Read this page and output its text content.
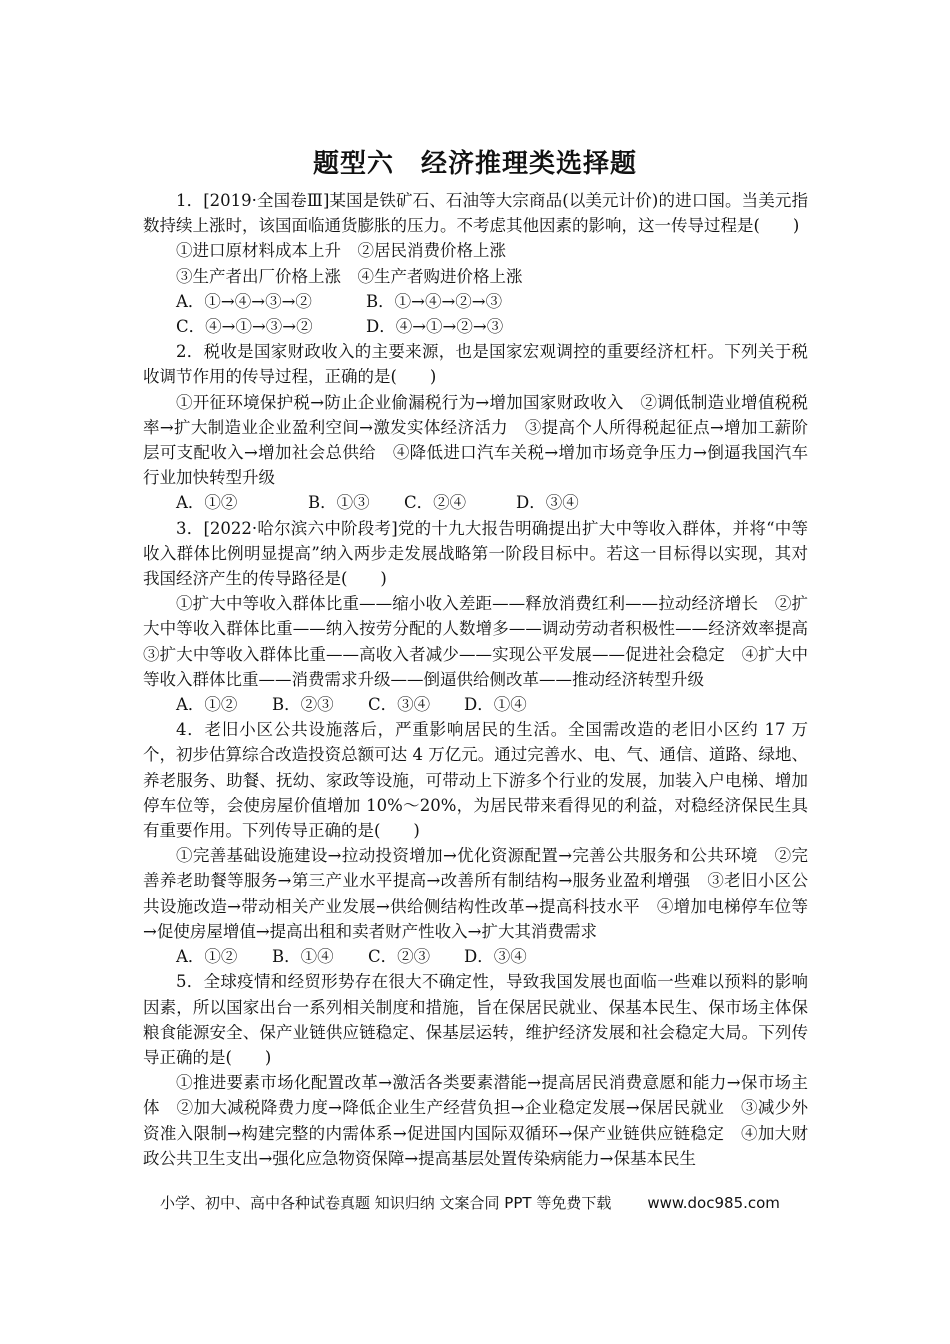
题型六　经济推理类选择题

1．[2019·全国卷Ⅲ]某国是铁矿石、石油等大宗商品(以美元计价)的进口国。当美元指数持续上涨时，该国面临通货膨胀的压力。不考虑其他因素的影响，这一传导过程是(　　)

①进口原材料成本上升　②居民消费价格上涨

③生产者出厂价格上涨　④生产者购进价格上涨

A．①→④→③→②	B．①→④→②→③

C．④→①→③→②	D．④→①→②→③

2．税收是国家财政收入的主要来源，也是国家宏观调控的重要经济杠杆。下列关于税收调节作用的传导过程，正确的是(　　)

①开征环境保护税→防止企业偷漏税行为→增加国家财政收入　②调低制造业增值税税率→扩大制造业企业盈利空间→激发实体经济活力　③提高个人所得税起征点→增加工薪阶层可支配收入→增加社会总供给　④降低进口汽车关税→增加市场竞争压力→倒逼我国汽车行业加快转型升级

A．①②	B．①③ C．②④	D．③④

3．[2022·哈尔滨六中阶段考]党的十九大报告明确提出扩大中等收入群体，并将“中等收入群体比例明显提高”纳入两步走发展战略第一阶段目标中。若这一目标得以实现，其对我国经济产生的传导路径是(　　)

①扩大中等收入群体比重——缩小收入差距——释放消费红利——拉动经济增长　②扩大中等收入群体比重——纳入按劳分配的人数增多——调动劳动者积极性——经济效率提高　③扩大中等收入群体比重——高收入者减少——实现公平发展——促进社会稳定　④扩大中等收入群体比重——消费需求升级——倒逼供给侧改革——推动经济转型升级

A．①② B．②③ C．③④ D．①④

4．老旧小区公共设施落后，严重影响居民的生活。全国需改造的老旧小区约 17 万个，初步估算综合改造投资总额可达 4 万亿元。通过完善水、电、气、通信、道路、绿地、养老服务、助餐、抚幼、家政等设施，可带动上下游多个行业的发展，加装入户电梯、增加停车位等，会使房屋价值增加 10%～20%，为居民带来看得见的利益，对稳经济保民生具有重要作用。下列传导正确的是(　　)

①完善基础设施建设→拉动投资增加→优化资源配置→完善公共服务和公共环境　②完善养老助餐等服务→第三产业水平提高→改善所有制结构→服务业盈利增强　③老旧小区公共设施改造→带动相关产业发展→供给侧结构性改革→提高科技水平　④增加电梯停车位等→促使房屋增值→提高出租和卖者财产性收入→扩大其消费需求

A．①② B．①④ C．②③ D．③④

5．全球疫情和经贸形势存在很大不确定性，导致我国发展也面临一些难以预料的影响因素，所以国家出台一系列相关制度和措施，旨在保居民就业、保基本民生、保市场主体保粮食能源安全、保产业链供应链稳定、保基层运转，维护经济发展和社会稳定大局。下列传导正确的是(　　)

①推进要素市场化配置改革→激活各类要素潜能→提高居民消费意愿和能力→保市场主体　②加大减税降费力度→降低企业生产经营负担→企业稳定发展→保居民就业　③减少外资准入限制→构建完整的内需体系→促进国内国际双循环→保产业链供应链稳定　④加大财政公共卫生支出→强化应急物资保障→提高基层处置传染病能力→保基本民生

小学、初中、高中各种试卷真题 知识归纳 文案合同 PPT 等免费下载 www.doc985.com
